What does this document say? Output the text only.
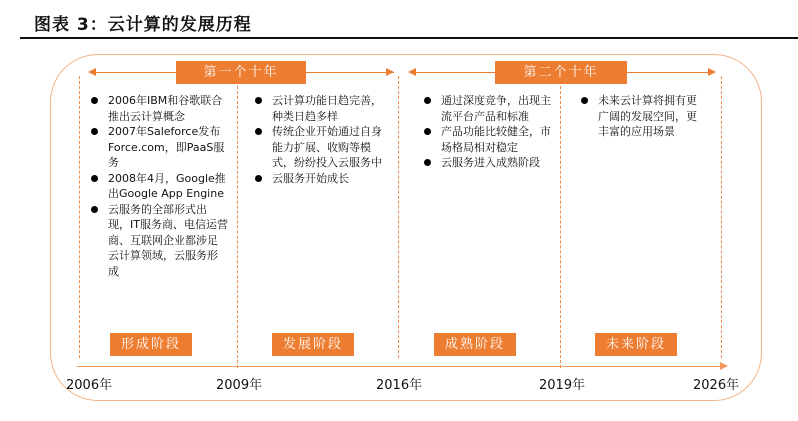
图表 3：云计算的发展历程
第一个十年	第二个十年
2006年IBM和谷歌联合推出云计算概念
2007年Saleforce发布Force.com，即PaaS服务
2008年4月，Google推出Google App Engine
云服务的全部形式出现，IT服务商、电信运营商、互联网企业都涉足云计算领域，云服务形成
云计算功能日趋完善，种类日趋多样
传统企业开始通过自身能力扩展、收购等模式，纷纷投入云服务中
云服务开始成长
通过深度竞争，出现主流平台产品和标准
产品功能比较健全，市场格局相对稳定
云服务进入成熟阶段
未来云计算将拥有更广阔的发展空间，更丰富的应用场景
形成阶段	发展阶段	成熟阶段	未来阶段
2006年	2009年	2016年	2019年	2026年
